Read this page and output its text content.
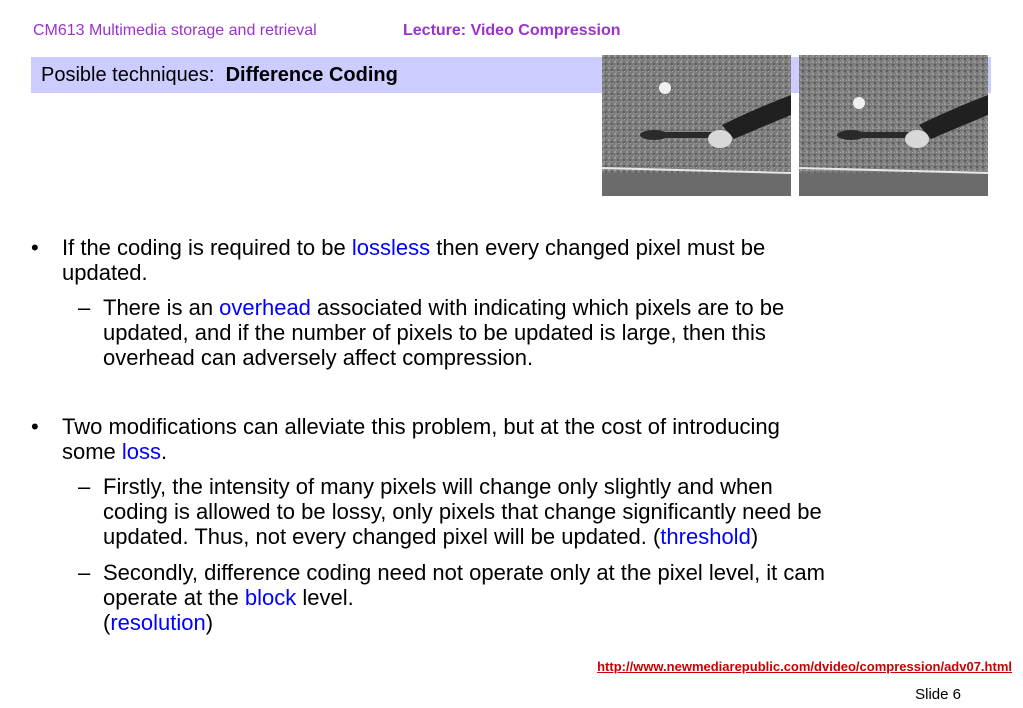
CM613 Multimedia storage and retrieval	Lecture: Video Compression
Posible techniques: Difference Coding
• If the coding is required to be lossless then every changed pixel must be
updated.
– There is an overhead associated with indicating which pixels are to be
updated, and if the number of pixels to be updated is large, then this
overhead can adversely affect compression.
• Two modifications can alleviate this problem, but at the cost of introducing
some loss.
– Firstly, the intensity of many pixels will change only slightly and when
coding is allowed to be lossy, only pixels that change significantly need be
updated. Thus, not every changed pixel will be updated. (threshold)
– Secondly, difference coding need not operate only at the pixel level, it cam
operate at the block level.
(resolution)
http://www.newmediarepublic.com/dvideo/compression/adv07.html
Slide 6
